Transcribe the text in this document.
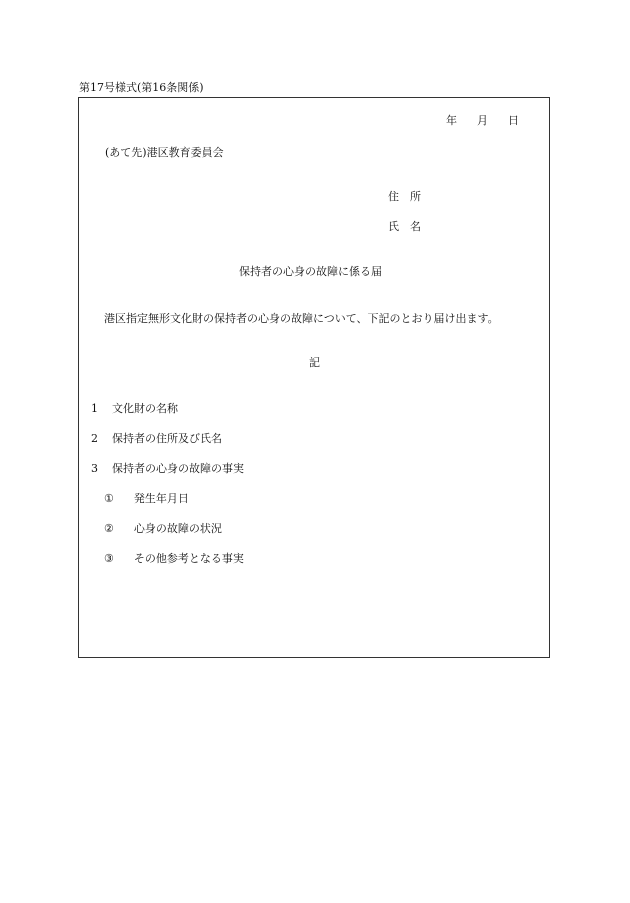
第17号様式(第16条関係)
年 月 日
(あて先)港区教育委員会
住　所
氏　名
保持者の心身の故障に係る届
港区指定無形文化財の保持者の心身の故障について、下記のとおり届け出ます。
記
1 文化財の名称
2 保持者の住所及び氏名
3 保持者の心身の故障の事実
① 発生年月日
② 心身の故障の状況
③ その他参考となる事実
